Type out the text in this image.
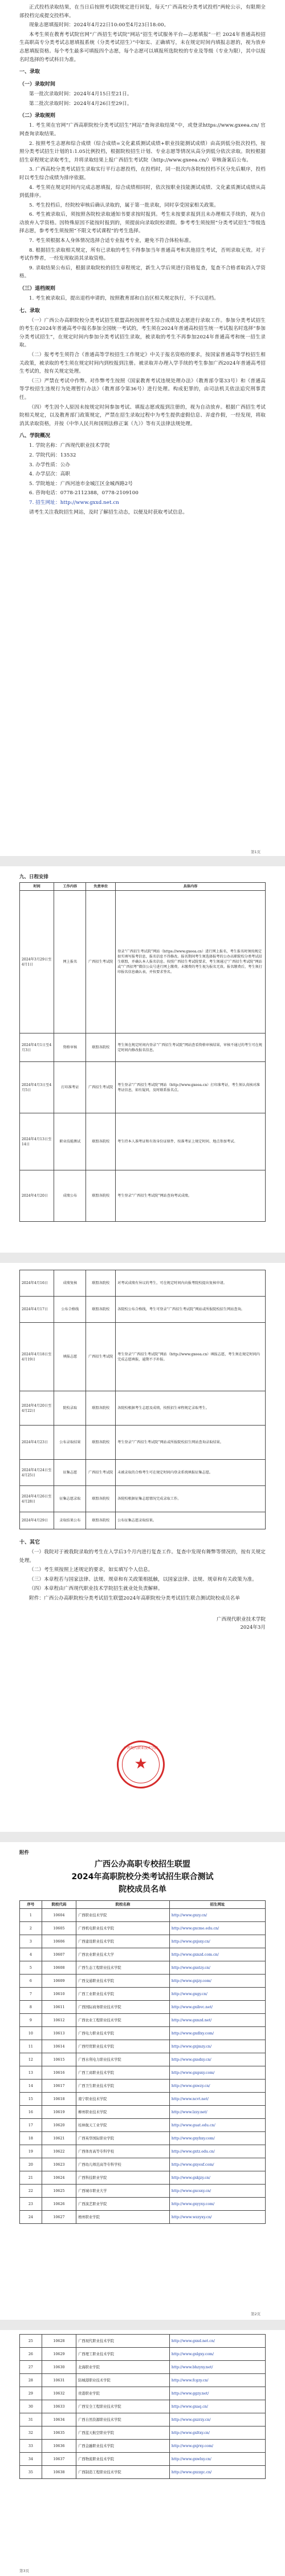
正式投档录取结果，在当日后按照考试院规定进行回复，每天“广西高校分类考试投档”两轮公示，有限期全部投档完成提交投档率。

现象志愿填报时间：2024年4月22日10:00至4月23日18:00。

本考生须在教育考试院官网“广西招生考试院”网站“招生考试服务平台—志愿填报”一栏 2024年普通高校招生高职高专分类考试志愿填报系统（分类考试招生）”中如实、正确填写，未在规定时间内填报志愿的，视为放弃志愿填报资格。每个考生最多可填报四个志愿，每个志愿可以填报所选院校的专业及等级（专业为限），其中以报名时选择的考试科目为准。

一、录取
（一）录取时间

第一批次录取时间：2024年4月15日至21日。

第二批次录取时间：2024年4月26日至29日。

（二）录取规则

1. 考生须在官网“广西高职院校分类考试招生”网站“查询录取结果”中，或登录https://www.gxeea.cn/ 官网查询录取结果。

2. 按照考生志愿和综合成绩（综合成绩=文化素质测试成绩+职业技能测试成绩）由高到低分批次投档，按照分类考试招生计划的1:1.05比例投档，根据院校招生计划、专业志愿等情况从高分到低分依次录取。院校根据招生章程规定录取考生，并将录取结果上报广西招生考试院（http://www.gxeea.cn/）审核备案后公布。

3. 广西高校分类考试招生录取实行平行志愿投档，在投档时，同一批次内各院校投档不区分先后顺序，投档时以考生综合成绩为排序依据。

4. 考生须在规定时间内完成志愿填报，综合成绩相同时，依次按职业技能测试成绩、文化素质测试成绩从高到低排序。

5. 考生投档后，经院校审核后确认录取的，属于第一批录取，同时享受国家相关政策。

6. 考生被录取后，须按照各院校录取通知书要求按时报到。考生未按要求报到且未办理相关手续的，视为自动放弃入学资格。因特殊原因不能按时报到的，须提前向录取院校请假。参考考生须按照“分类考试招生”等级选择志愿，参考考生须按照“不限文考试课程”的考生选择。

7. 考生须根据本人身体情况选择合适专业报考专业，避免不符合体检标准。

8. 根据招生录取相关规定，所有已录取的考生不得参加当年普通高考和其他招生考试，否则录取无效。对于考试作弊者，一经发现取消其录取资格。

9. 录取结果公布后，根据录取院校的招生章程规定，新生入学后须进行资格复查，复查不合格者取消入学资格。

（三）退档规则

1. 考生被录取后，提出退档申请的，按照教育部和自治区相关规定执行，不予以退档。

七、录取

（一）广西公办高职院校分类考试招生联盟高校按照考生综合成绩及志愿进行录取工作。参加分类考试招生的考生在2024年普通高考中报名参加全国统一考试的，考生须在2024年普通高校招生统一考试报名时选择“参加分类考试招生”，在规定时间内参加分类考试招生录取，被录取的考生不再参加2024年普通高考和统一招生录取。

（二）报考考生须符合《普通高等学校招生工作规定》中关于报名资格的要求，按国家普通高等学校招生相关政策，被录取的考生须在规定时间内到校报到注册。被录取并办理入学手续的考生参加广西2024年普通高考招生考试的，按有关规定处理。

（三）严禁在考试中作弊。对作弊考生按照《国家教育考试违规处理办法》（教育部令第33号）和《普通高等学校招生违规行为处理暂行办法》（教育部令第36号）进行处理。构成犯罪的，由司法机关依法追究刑事责任。

（四）考生因个人原因未按规定时间参加考试、填报志愿或报到注册的，视为自动放弃。根据广西招生考试院相关规定，以及教育部门政策规定，严禁在招生录取过程中为考生提供虚假信息、弄虚作假，一经发现，将取消其录取资格，并按《中华人民共和国刑法修正案（九）》等有关法律法规处理。

八、学院概况

1. 学院名称：广西现代职业技术学院

2. 学院代码：13532

3. 办学性质：公办

4. 办学层次：高职

5. 学院地址：广西河池市金城江区金城西路2号

6. 咨询电话：0778-2112388，0778-2109100

7. 招生网址：http://www.gxxd.net.cn

请考生关注我院招生网站，及时了解招生动态，以便及时获取考试信息。

第1页
九、日程安排
时间	工作内容	负责单位	具体内容
2024年3月29日至4月1日	网上报名	广西招生考试院	登录“广西招生考试院”网站（https://www.gxeea.cn）进行网上报名，考生报名时须按规定如实填写报考信息，报名信息不得修改。报名期间考生须选择报考的公办高职院校分类考试招生联盟，并确认本人报名信息。按照广西招生考试院要求，考生须通过“广西招生考试院”网站或“广西招考”微信公众号进行网上缴费。未缴费的考生视为报名无效。报名缴费后，考生须打印报名信息确认表，并按要求签名。
2024年4月1日至4月3日	资格审核	联盟各院校	考生须在规定时间内登录“广西招生考试院”网站查看资格审核结果，审核不通过的考生可在规定时间内修改报名信息。
2024年4月3日至4月5日	打印准考证	广西招生考试院	考生登录“广西招生考试院”网站（http://www.gxeea.cn）打印准考证，考生须认真核对准考证信息，如有疑问，及时联系报名点。
2024年4月13日至14日	职业技能测试	联盟各院校	考生持本人准考证和有效身份证原件，按准考证上规定时间、地点参加考试。
2024年4月20日	成绩公布	联盟各院校	考生登录“广西招生考试院”网站查询考试成绩。
2024年4月16日	成绩复核	联盟各院校	对考试成绩有异议的考生，可在规定时间内向报考院校提出复核申请。
2024年4月17日	公布合格线	联盟各院校	各院校公布合格线，考生可登录“广西招生考试院”网站或所报院校招生网站查询。
2024年4月18日至4月19日	填报志愿	广西招生考试院	考生登录“广西招生考试院”网站（http://www.gxeea.cn）填报志愿，考生须在规定时间内完成志愿填报，逾期不予补报。
2024年4月20日至4月22日	院校录取	联盟各院校	各院校根据考生志愿及成绩，按照招生章程规定录取考生。
2024年4月23日	公布录取结果	联盟各院校	考生登录“广西招生考试院”网站或所报院校招生网站查询录取结果。
2024年4月24日至4月25日	征集志愿	广西招生考试院	未被录取的合格考生可在规定时间内登录系统填报征集志愿。
2024年4月26日至4月28日	征集志愿录取	联盟各院校	各院校根据征集志愿情况完成录取工作。
2024年4月29日	录取结果公布	联盟各院校	公布征集志愿录取结果。
十、其它

（一）我院对于被我院录取的考生在入学后3个月内进行复查工作。复查中发现有舞弊等情况的，按有关规定处理。

（二）考生须按照上述规定的要求，如实填写个人信息。

（三）本章程若与国家法律、法规、规章和有关政策相抵触，以国家法律、法规、规章和有关政策为准。

（四）本章程由广西现代职业技术学院招生就业处负责解释。

附件：广西公办高职院校分类考试招生联盟2024年高职院校分类考试招生联合测试院校成员名单

广西现代职业技术学院
2024年3月
广西现代职业技术学院
★
附件
广西公办高职专校招生联盟
2024年高职院校分类考试招生联合测试
院校成员名单
序号	院校代码	院校名称	招生网址
1	10604	广西职业技术学院	http://www.gxzy.cn/
2	10605	广西机电职业技术学院	http://www.gxcme.edu.cn/
3	10606	广西建设职业技术学院	http://www.gxjsxy.cn/
4	10607	广西农业职业技术大学	http://www.gxnzd.com.cn/
5	10608	广西生态工程职业技术学院	http://www.gxstzy.cn/
6	10609	广西交通职业技术学院	http://www.gxjzy.com/
7	10610	广西工业职业技术学院	http://www.gxgy.cn/
8	10611	广西国际商务职业技术学院	http://www.gxibvc.net/
9	10612	广西农业工程职业技术学院	http://www.gxnzd.net/
10	10613	广西电力职业技术学院	http://www.gxdlxy.com/
11	10614	广西经贸职业技术学院	http://www.gxjmzy.cn/
12	10615	广西水利电力职业技术学院	http://www.gxsdxy.cn/
13	10616	广西工商职业技术学院	http://www.gxgsxy.com/
14	10617	广西卫生职业技术学院	http://www.gxwzy.cn/
15	10618	南宁职业技术学院	http://www.ncvt.net/
16	10619	柳州职业技术学院	http://www.lzzy.net/
17	10620	桂林航天工业学院	http://www.guat.edu.cn/
18	10621	广西英华国际职业学院	http://www.gxyhxy.com/
19	10622	广西体育高等专科学校	http://www.gxtz.edu.cn/
20	10623	广西幼儿师范高等专科学校	http://www.gxyesf.com/
21	10624	广西科技职业学院	http://www.gxkjzy.cn/
22	10625	广西城市职业大学	http://www.gxcsxy.cn/
23	10626	广西演艺职业学院	http://www.gxyyxy.com/
24	10627	梧州职业学院	http://www.wzzyxy.cn/
第2页
25	10628	广西现代职业技术学院	http://www.gxxd.net.cn/
26	10629	广西理工职业技术学院	http://www.gxlgxy.com/
27	10630	北海职业学院	http://www.bhzyxy.net/
28	10631	防城港职业技术学院	http://www.fcgzy.cn/
29	10632	贵港职业学院	http://www.ggzy.net/
30	10633	广西安全工程职业技术学院	http://www.gxaq.cn/
31	10634	广西自然资源职业技术学院	http://www.gxzrzy.cn/
32	10635	广西蓝天航空职业学院	http://www.gxltxy.cn/
33	10636	广西金融职业技术学院	http://www.gxjrxy.com/
34	10637	广西物流职业技术学院	http://www.gxwlxy.cn/
35	10638	广西制造工程职业技术学院	http://www.gxzzgc.cn/
第3页
